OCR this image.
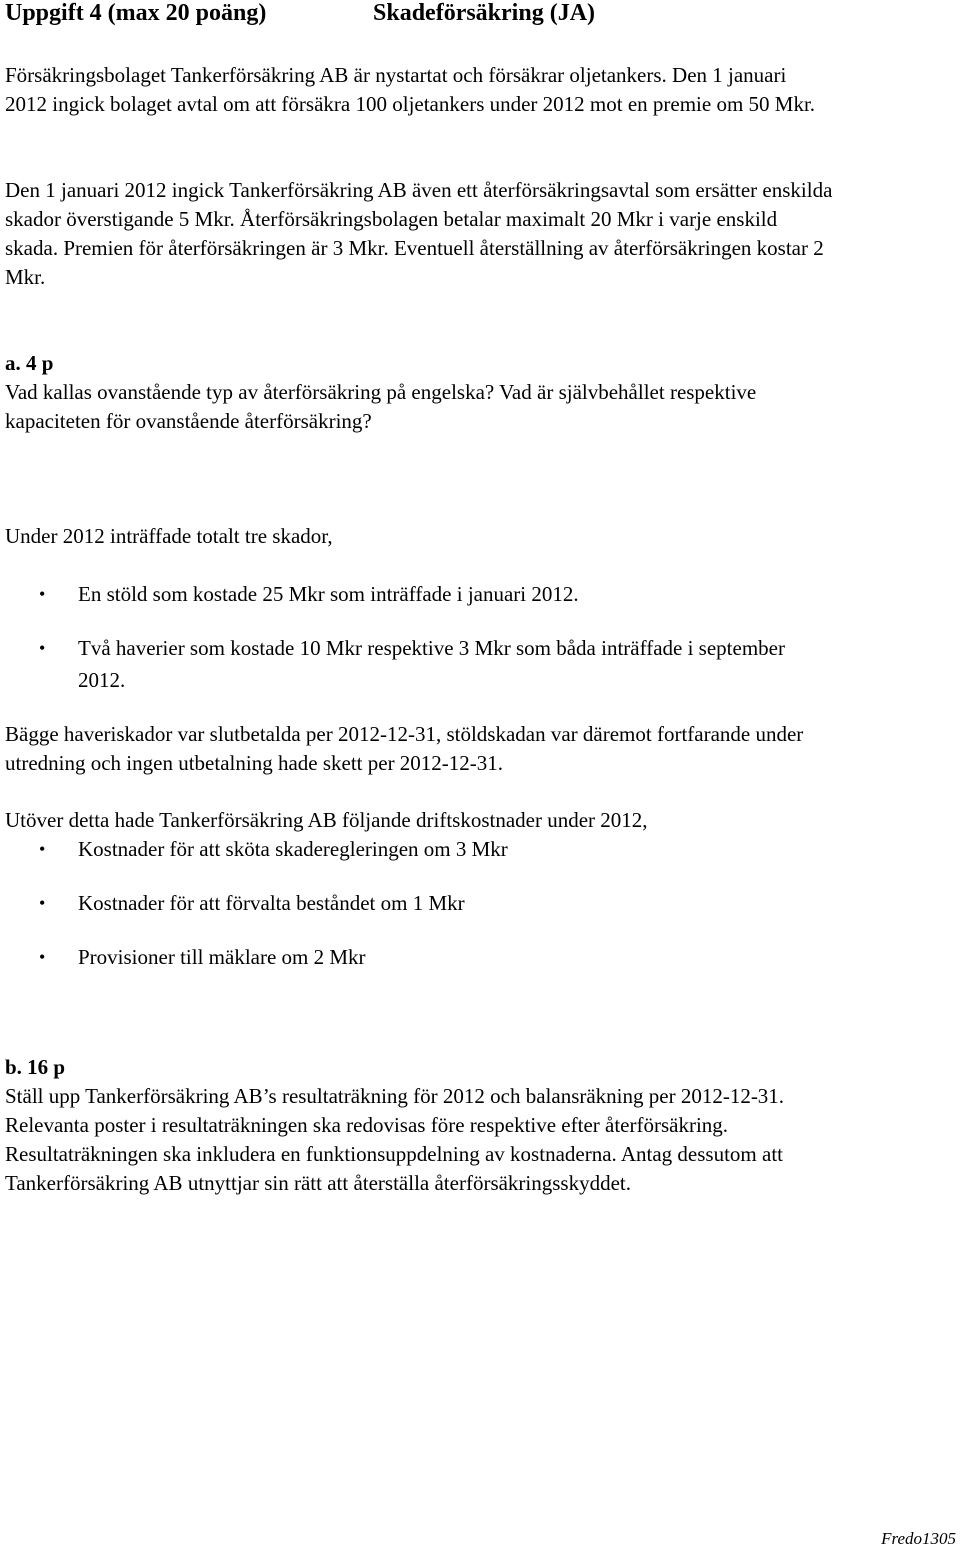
Uppgift 4 (max 20 poäng)	Skadeförsäkring (JA)

Försäkringsbolaget Tankerförsäkring AB är nystartat och försäkrar oljetankers. Den 1 januari 2012 ingick bolaget avtal om att försäkra 100 oljetankers under 2012 mot en premie om 50 Mkr.

Den 1 januari 2012 ingick Tankerförsäkring AB även ett återförsäkringsavtal som ersätter enskilda skador överstigande 5 Mkr. Återförsäkringsbolagen betalar maximalt 20 Mkr i varje enskild skada. Premien för återförsäkringen är 3 Mkr. Eventuell återställning av återförsäkringen kostar 2 Mkr.

a. 4 p

Vad kallas ovanstående typ av återförsäkring på engelska? Vad är självbehållet respektive kapaciteten för ovanstående återförsäkring?

Under 2012 inträffade totalt tre skador,

• En stöld som kostade 25 Mkr som inträffade i januari 2012.
• Två haverier som kostade 10 Mkr respektive 3 Mkr som båda inträffade i september 2012.

Bägge haveriskador var slutbetalda per 2012-12-31, stöldskadan var däremot fortfarande under utredning och ingen utbetalning hade skett per 2012-12-31.

Utöver detta hade Tankerförsäkring AB följande driftskostnader under 2012,

• Kostnader för att sköta skaderegleringen om 3 Mkr
• Kostnader för att förvalta beståndet om 1 Mkr
• Provisioner till mäklare om 2 Mkr

b. 16 p

Ställ upp Tankerförsäkring AB’s resultaträkning för 2012 och balansräkning per 2012-12-31. Relevanta poster i resultaträkningen ska redovisas före respektive efter återförsäkring. Resultaträkningen ska inkludera en funktionsuppdelning av kostnaderna. Antag dessutom att Tankerförsäkring AB utnyttjar sin rätt att återställa återförsäkringsskyddet.

Fredo1305
